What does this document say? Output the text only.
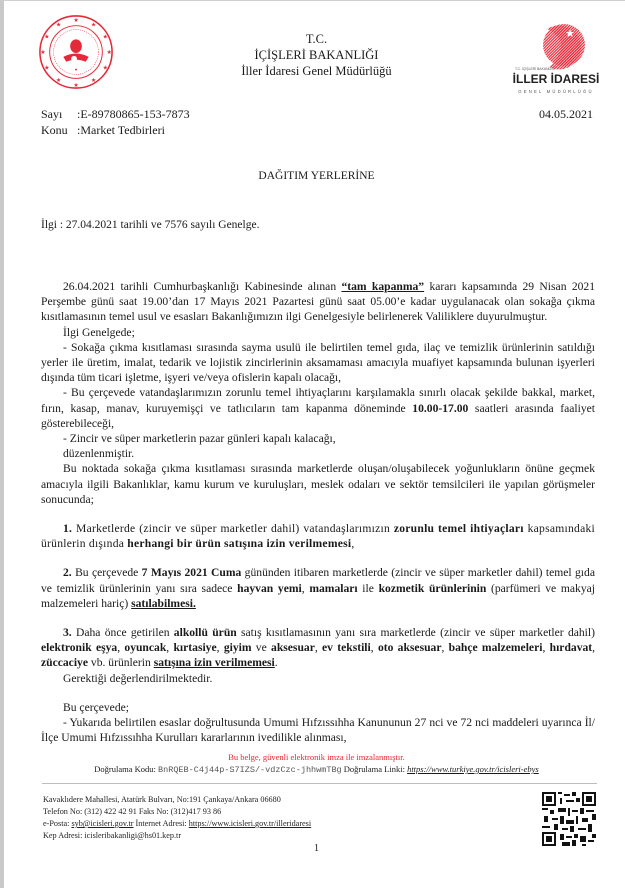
★
★
★
★
★
★
★
★
★
★
★
★
T.C.
İÇİŞLERİ BAKANLIĞI
İller İdaresi Genel Müdürlüğü
★
T.C. İÇİŞLERİ BAKANLIĞI
İLLER İDARESİ
GENEL MÜDÜRLÜĞÜ
Sayı :E-89780865-153-7873
Konu :Market Tedbirleri
04.05.2021
DAĞITIM YERLERİNE
İlgi : 27.04.2021 tarihli ve 7576 sayılı Genelge.

26.04.2021 tarihli Cumhurbaşkanlığı Kabinesinde alınan “tam kapanma” kararı kapsamında 29 Nisan 2021 Perşembe günü saat 19.00’dan 17 Mayıs 2021 Pazartesi günü saat 05.00’e kadar uygulanacak olan sokağa çıkma kısıtlamasının temel usul ve esasları Bakanlığımızın ilgi Genelgesiyle belirlenerek Valiliklere duyurulmuştur.

İlgi Genelgede;

- Sokağa çıkma kısıtlaması sırasında sayma usulü ile belirtilen temel gıda, ilaç ve temizlik ürünlerinin satıldığı yerler ile üretim, imalat, tedarik ve lojistik zincirlerinin aksamaması amacıyla muafiyet kapsamında bulunan işyerleri dışında tüm ticari işletme, işyeri ve/veya ofislerin kapalı olacağı,

- Bu çerçevede vatandaşlarımızın zorunlu temel ihtiyaçlarını karşılamakla sınırlı olacak şekilde bakkal, market, fırın, kasap, manav, kuruyemişçi ve tatlıcıların tam kapanma döneminde 10.00-17.00 saatleri arasında faaliyet gösterebileceği,

- Zincir ve süper marketlerin pazar günleri kapalı kalacağı,

düzenlenmiştir.

Bu noktada sokağa çıkma kısıtlaması sırasında marketlerde oluşan/oluşabilecek yoğunlukların önüne geçmek amacıyla ilgili Bakanlıklar, kamu kurum ve kuruluşları, meslek odaları ve sektör temsilcileri ile yapılan görüşmeler sonucunda;

1. Marketlerde (zincir ve süper marketler dahil) vatandaşlarımızın zorunlu temel ihtiyaçları kapsamındaki ürünlerin dışında herhangi bir ürün satışına izin verilmemesi,

2. Bu çerçevede 7 Mayıs 2021 Cuma gününden itibaren marketlerde (zincir ve süper marketler dahil) temel gıda ve temizlik ürünlerinin yanı sıra sadece hayvan yemi, mamaları ile kozmetik ürünlerinin (parfümeri ve makyaj malzemeleri hariç) satılabilmesi.

3. Daha önce getirilen alkollü ürün satış kısıtlamasının yanı sıra marketlerde (zincir ve süper marketler dahil) elektronik eşya, oyuncak, kırtasiye, giyim ve aksesuar, ev tekstili, oto aksesuar, bahçe malzemeleri, hırdavat, züccaciye vb. ürünlerin satışına izin verilmemesi.

Gerektiği değerlendirilmektedir.

Bu çerçevede;

- Yukarıda belirtilen esaslar doğrultusunda Umumi Hıfzıssıhha Kanununun 27 nci ve 72 nci maddeleri uyarınca İl/İlçe Umumi Hıfzıssıhha Kurulları kararlarının ivedilikle alınması,

Bu belge, güvenli elektronik imza ile imzalanmıştır.
Doğrulama Kodu: BnRQEB-C4j44p-S7IZS/-vdzCzc-jhhwmTBg Doğrulama Linki: https://www.turkiye.gov.tr/icisleri-ebys
Kavaklıdere Mahallesi, Atatürk Bulvarı, No:191 Çankaya/Ankara 06680
Telefon No: (312) 422 42 91 Faks No: (312)417 93 86
e-Posta: syb@icisleri.gov.tr İnternet Adresi: https://www.icisleri.gov.tr/illeridaresi
Kep Adresi: icisleribakanligi@hs01.kep.tr
1
